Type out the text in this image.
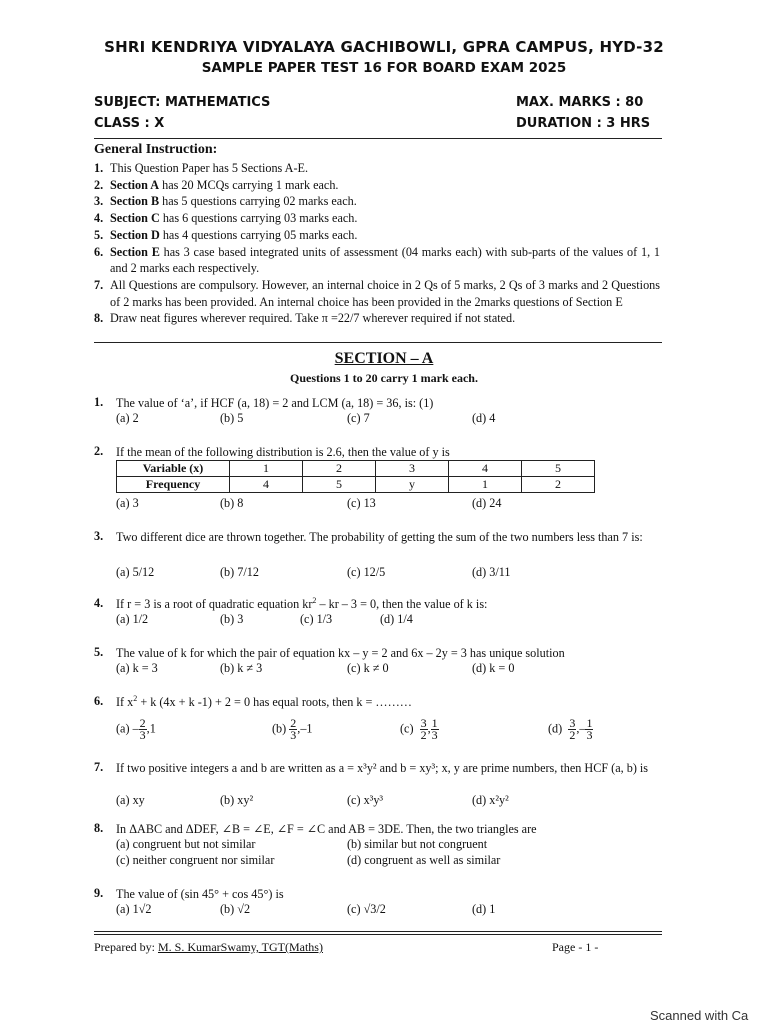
SHRI KENDRIYA VIDYALAYA GACHIBOWLI, GPRA CAMPUS, HYD-32
SAMPLE PAPER TEST 16 FOR BOARD EXAM 2025
SUBJECT: MATHEMATICS
CLASS : X
MAX. MARKS : 80
DURATION : 3 HRS
General Instruction:
1. This Question Paper has 5 Sections A-E.
2. Section A has 20 MCQs carrying 1 mark each.
3. Section B has 5 questions carrying 02 marks each.
4. Section C has 6 questions carrying 03 marks each.
5. Section D has 4 questions carrying 05 marks each.
6. Section E has 3 case based integrated units of assessment (04 marks each) with sub-parts of the values of 1, 1 and 2 marks each respectively.
7. All Questions are compulsory. However, an internal choice in 2 Qs of 5 marks, 2 Qs of 3 marks and 2 Questions of 2 marks has been provided. An internal choice has been provided in the 2marks questions of Section E
8. Draw neat figures wherever required. Take π =22/7 wherever required if not stated.
SECTION – A
Questions 1 to 20 carry 1 mark each.
1. The value of ‘a’, if HCF (a, 18) = 2 and LCM (a, 18) = 36, is: (1)
(a) 2	(b) 5	(c) 7	(d) 4
2. If the mean of the following distribution is 2.6, then the value of y is
Variable (x)	1	2	3	4	5
Frequency	4	5	y	1	2
(a) 3	(b) 8	(c) 13	(d) 24
3. Two different dice are thrown together. The probability of getting the sum of the two numbers less than 7 is:
(a) 5/12	(b) 7/12	(c) 12/5	(d) 3/11
4. If r = 3 is a root of quadratic equation $kr^2$ – kr – 3 = 0, then the value of k is:
(a) 1/2	(b) 3	(c) 1/3	(d) 1/4
5. The value of k for which the pair of equation kx – y = 2 and 6x – 2y = 3 has unique solution
(a) k = 3	(b) k ≠ 3	(c) k ≠ 0	(d) k = 0
6. If $x^2 + k$ (4x + k -1) + 2 = 0 has equal roots, then k = ………
$(a) - \frac{2}{3} ,1$	$(b) \frac{2}{3} ,-1$	$(c) \frac{3}{2}$ , $\frac{1}{3}$	$(d) \frac{3}{2}$ ,– $\frac{1}{3}$
7. If two positive integers a and b are written as a = x³y² and b = xy³; x, y are prime numbers, then HCF (a, b) is
(a) xy	(b) xy²	(c) x³y³	(d) x²y²
8. In ΔABC and ΔDEF, ∠B = ∠E, ∠F = ∠C and AB = 3DE. Then, the two triangles are
(a) congruent but not similar	(b) similar but not congruent
(c) neither congruent nor similar	(d) congruent as well as similar
9. The value of (sin 45° + cos 45°) is
(a) 1√2	(b) √2	(c) √3/2	(d) 1
Prepared by: M. S. KumarSwamy, TGT(Maths)	Page - 1 -
Scanned with Ca
